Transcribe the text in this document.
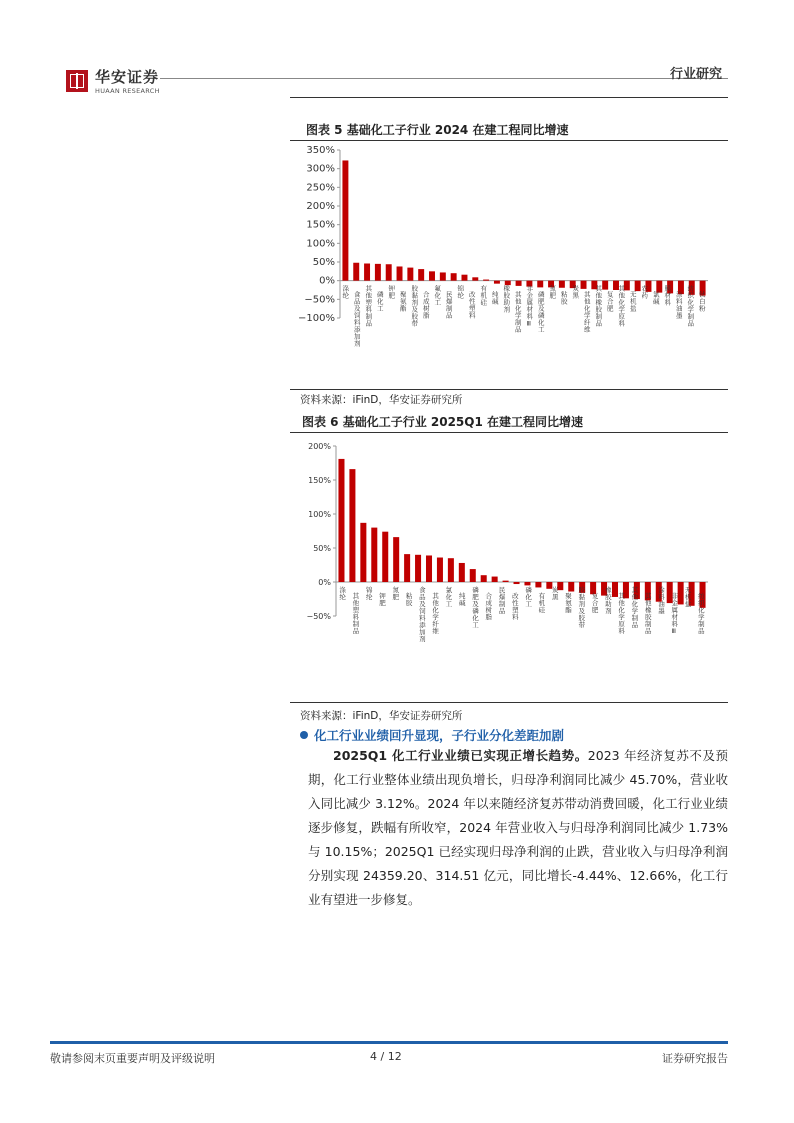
华安证券
HUAAN RESEARCH
行业研究
图表 5 基础化工子行业 2024 在建工程同比增速
350%
300%
250%
200%
150%
100%
50%
0%
−50%
−100%
涤纶 食品及饲料添加剂
其他塑料制品
磷化工
钾肥 聚氨酯
胶黏剂及胶带
合成树脂
氟化工
民爆制品
锦纶 改性塑料
有机硅
纯碱
橡胶助剂
其他化学制品
非金属材料 Ⅲ
磷肥及磷化工
氮肥 粘胶
炭黑 其他化学纤维
其他橡胶制品
复合肥
其他化学原料
无机盐
农药 氯碱
膜材料
涂料油墨
纺织化学制品
钛白粉
资料来源：iFinD，华安证券研究所
图表 6 基础化工子行业 2025Q1 在建工程同比增速
200%
150%
100%
50%
0%
−50%
涤纶 其他塑料制品
锦纶 钾肥
氮肥 粘胶
食品及饲料添加剂
其他化学纤维
氯化工
纯碱
磷肥及磷化工
合成树脂
民爆制品
改性塑料
磷化工
有机硅
炭黑 聚氨酯
胶黏剂及胶带
复合肥
橡胶助剂
其他化学原料
其他化学制品
其他橡胶制品
涂料油墨
非金属材料 Ⅲ
无机盐
纺织化学制品
资料来源：iFinD，华安证券研究所
化工行业业绩回升显现，子行业分化差距加剧
2025Q1 化工行业业绩已实现正增长趋势。2023 年经济复苏不及预期，化工行业整体业绩出现负增长，归母净利润同比减少 45.70%，营业收入同比减少 3.12%。2024 年以来随经济复苏带动消费回暖，化工行业业绩逐步修复，跌幅有所收窄，2024 年营业收入与归母净利润同比减少 1.73%与 10.15%；2025Q1 已经实现归母净利润的止跌，营业收入与归母净利润分别实现 24359.20、314.51 亿元，同比增长-4.44%、12.66%，化工行业有望进一步修复。
敬请参阅末页重要声明及评级说明	4 / 12	证券研究报告
